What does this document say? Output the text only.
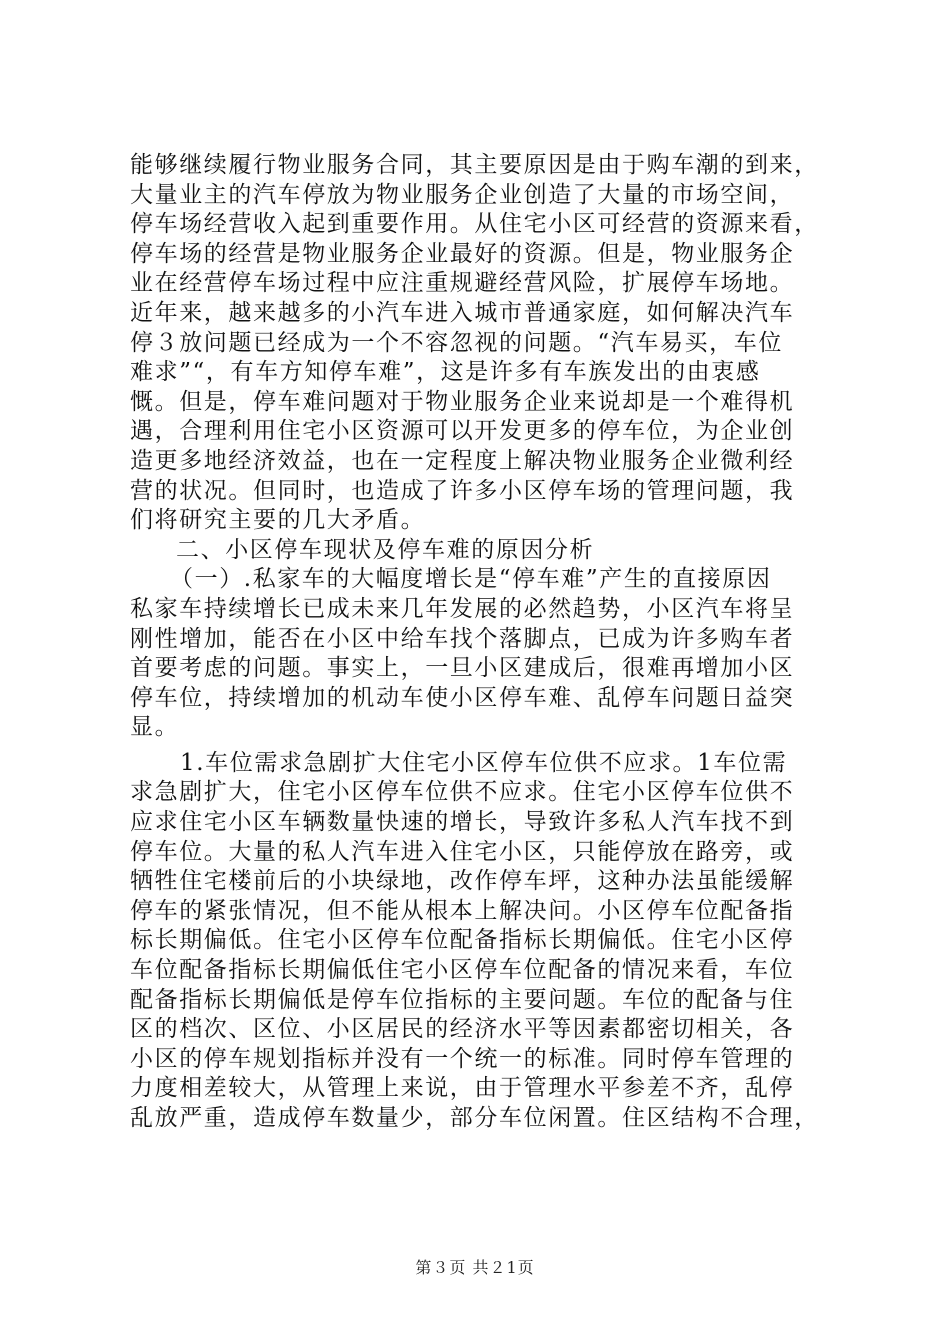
能够继续履行物业服务合同，其主要原因是由于购车潮的到来，
大量业主的汽车停放为物业服务企业创造了大量的市场空间，
停车场经营收入起到重要作用。从住宅小区可经营的资源来看，
停车场的经营是物业服务企业最好的资源。但是，物业服务企
业在经营停车场过程中应注重规避经营风险，扩展停车场地。
近年来，越来越多的小汽车进入城市普通家庭，如何解决汽车
停３放问题已经成为一个不容忽视的问题。“汽车易买，车位
难求”“，有车方知停车难”，这是许多有车族发出的由衷感
慨。但是，停车难问题对于物业服务企业来说却是一个难得机
遇，合理利用住宅小区资源可以开发更多的停车位，为企业创
造更多地经济效益，也在一定程度上解决物业服务企业微利经
营的状况。但同时，也造成了许多小区停车场的管理问题，我
们将研究主要的几大矛盾。
二、小区停车现状及停车难的原因分析
（一）.私家车的大幅度增长是“停车难”产生的直接原因
私家车持续增长已成未来几年发展的必然趋势，小区汽车将呈
刚性增加，能否在小区中给车找个落脚点，已成为许多购车者
首要考虑的问题。事实上，一旦小区建成后，很难再增加小区
停车位，持续增加的机动车使小区停车难、乱停车问题日益突
显。
1.车位需求急剧扩大住宅小区停车位供不应求。1车位需
求急剧扩大，住宅小区停车位供不应求。住宅小区停车位供不
应求住宅小区车辆数量快速的增长，导致许多私人汽车找不到
停车位。大量的私人汽车进入住宅小区，只能停放在路旁，或
牺牲住宅楼前后的小块绿地，改作停车坪，这种办法虽能缓解
停车的紧张情况，但不能从根本上解决问。小区停车位配备指
标长期偏低。住宅小区停车位配备指标长期偏低。住宅小区停
车位配备指标长期偏低住宅小区停车位配备的情况来看，车位
配备指标长期偏低是停车位指标的主要问题。车位的配备与住
区的档次、区位、小区居民的经济水平等因素都密切相关，各
小区的停车规划指标并没有一个统一的标准。同时停车管理的
力度相差较大，从管理上来说，由于管理水平参差不齐，乱停
乱放严重，造成停车数量少，部分车位闲置。住区结构不合理，
第３页 共２1页
